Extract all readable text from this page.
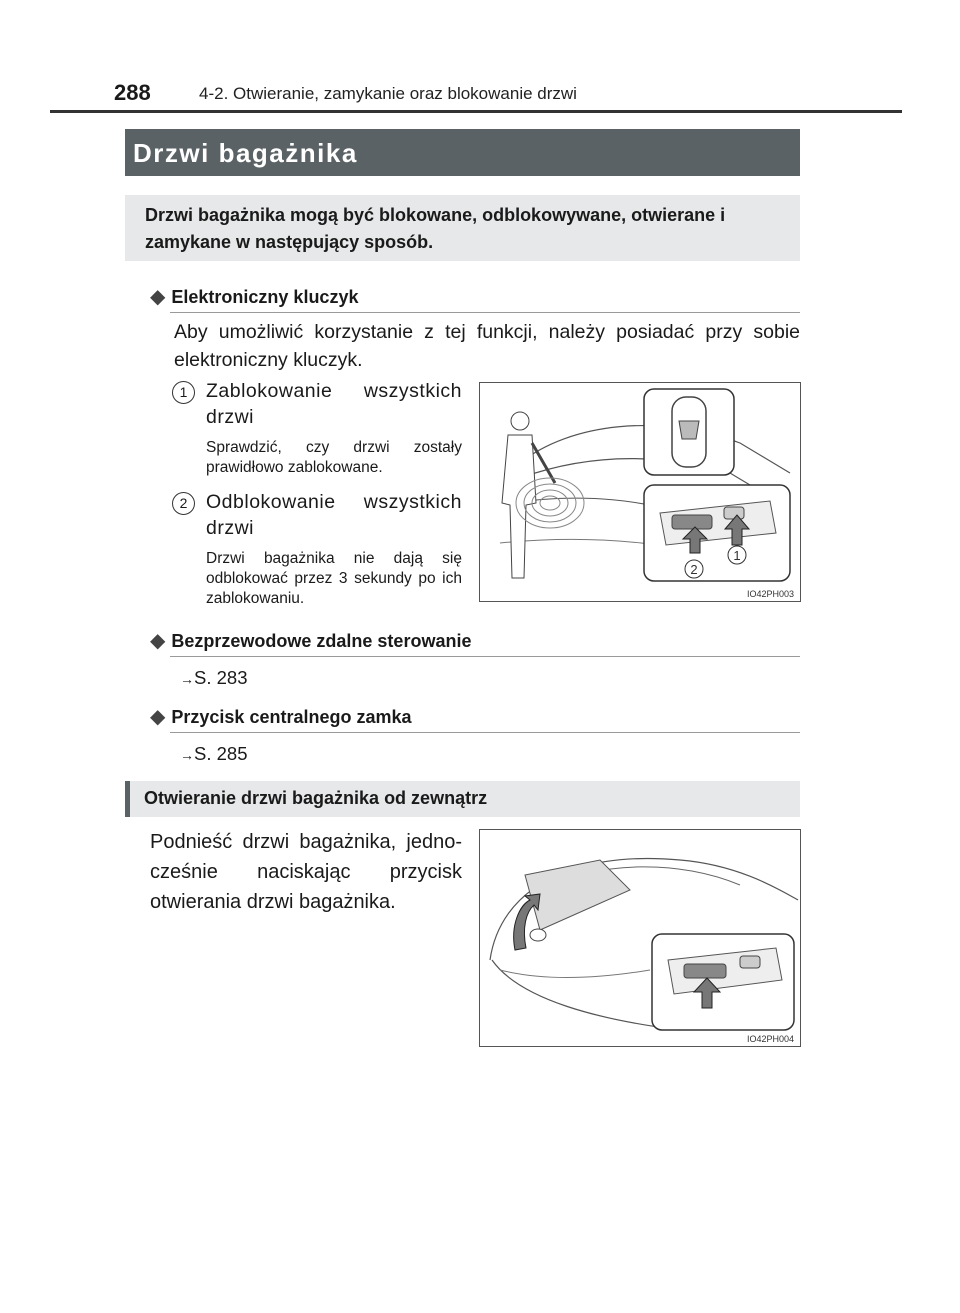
288	4-2. Otwieranie, zamykanie oraz blokowanie drzwi
Drzwi bagażnika
Drzwi bagażnika mogą być blokowane, odblokowywane, otwierane i zamykane w następujący sposób.
◆ Elektroniczny kluczyk
Aby umożliwić korzystanie z tej funkcji, należy posiadać przy sobie elektroniczny kluczyk.
1 Zablokowanie wszystkich drzwi
Sprawdzić, czy drzwi zostały prawidłowo zablokowane.
2 Odblokowanie wszystkich drzwi
Drzwi bagażnika nie dają się odblokować przez 3 sekundy po ich zablokowaniu.
2
1
IO42PH003
◆ Bezprzewodowe zdalne sterowanie
→S. 283
◆ Przycisk centralnego zamka
→S. 285
Otwieranie drzwi bagażnika od zewnątrz
Podnieść drzwi bagażnika, jedno-cześnie naciskając przycisk otwierania drzwi bagażnika.
IO42PH004
